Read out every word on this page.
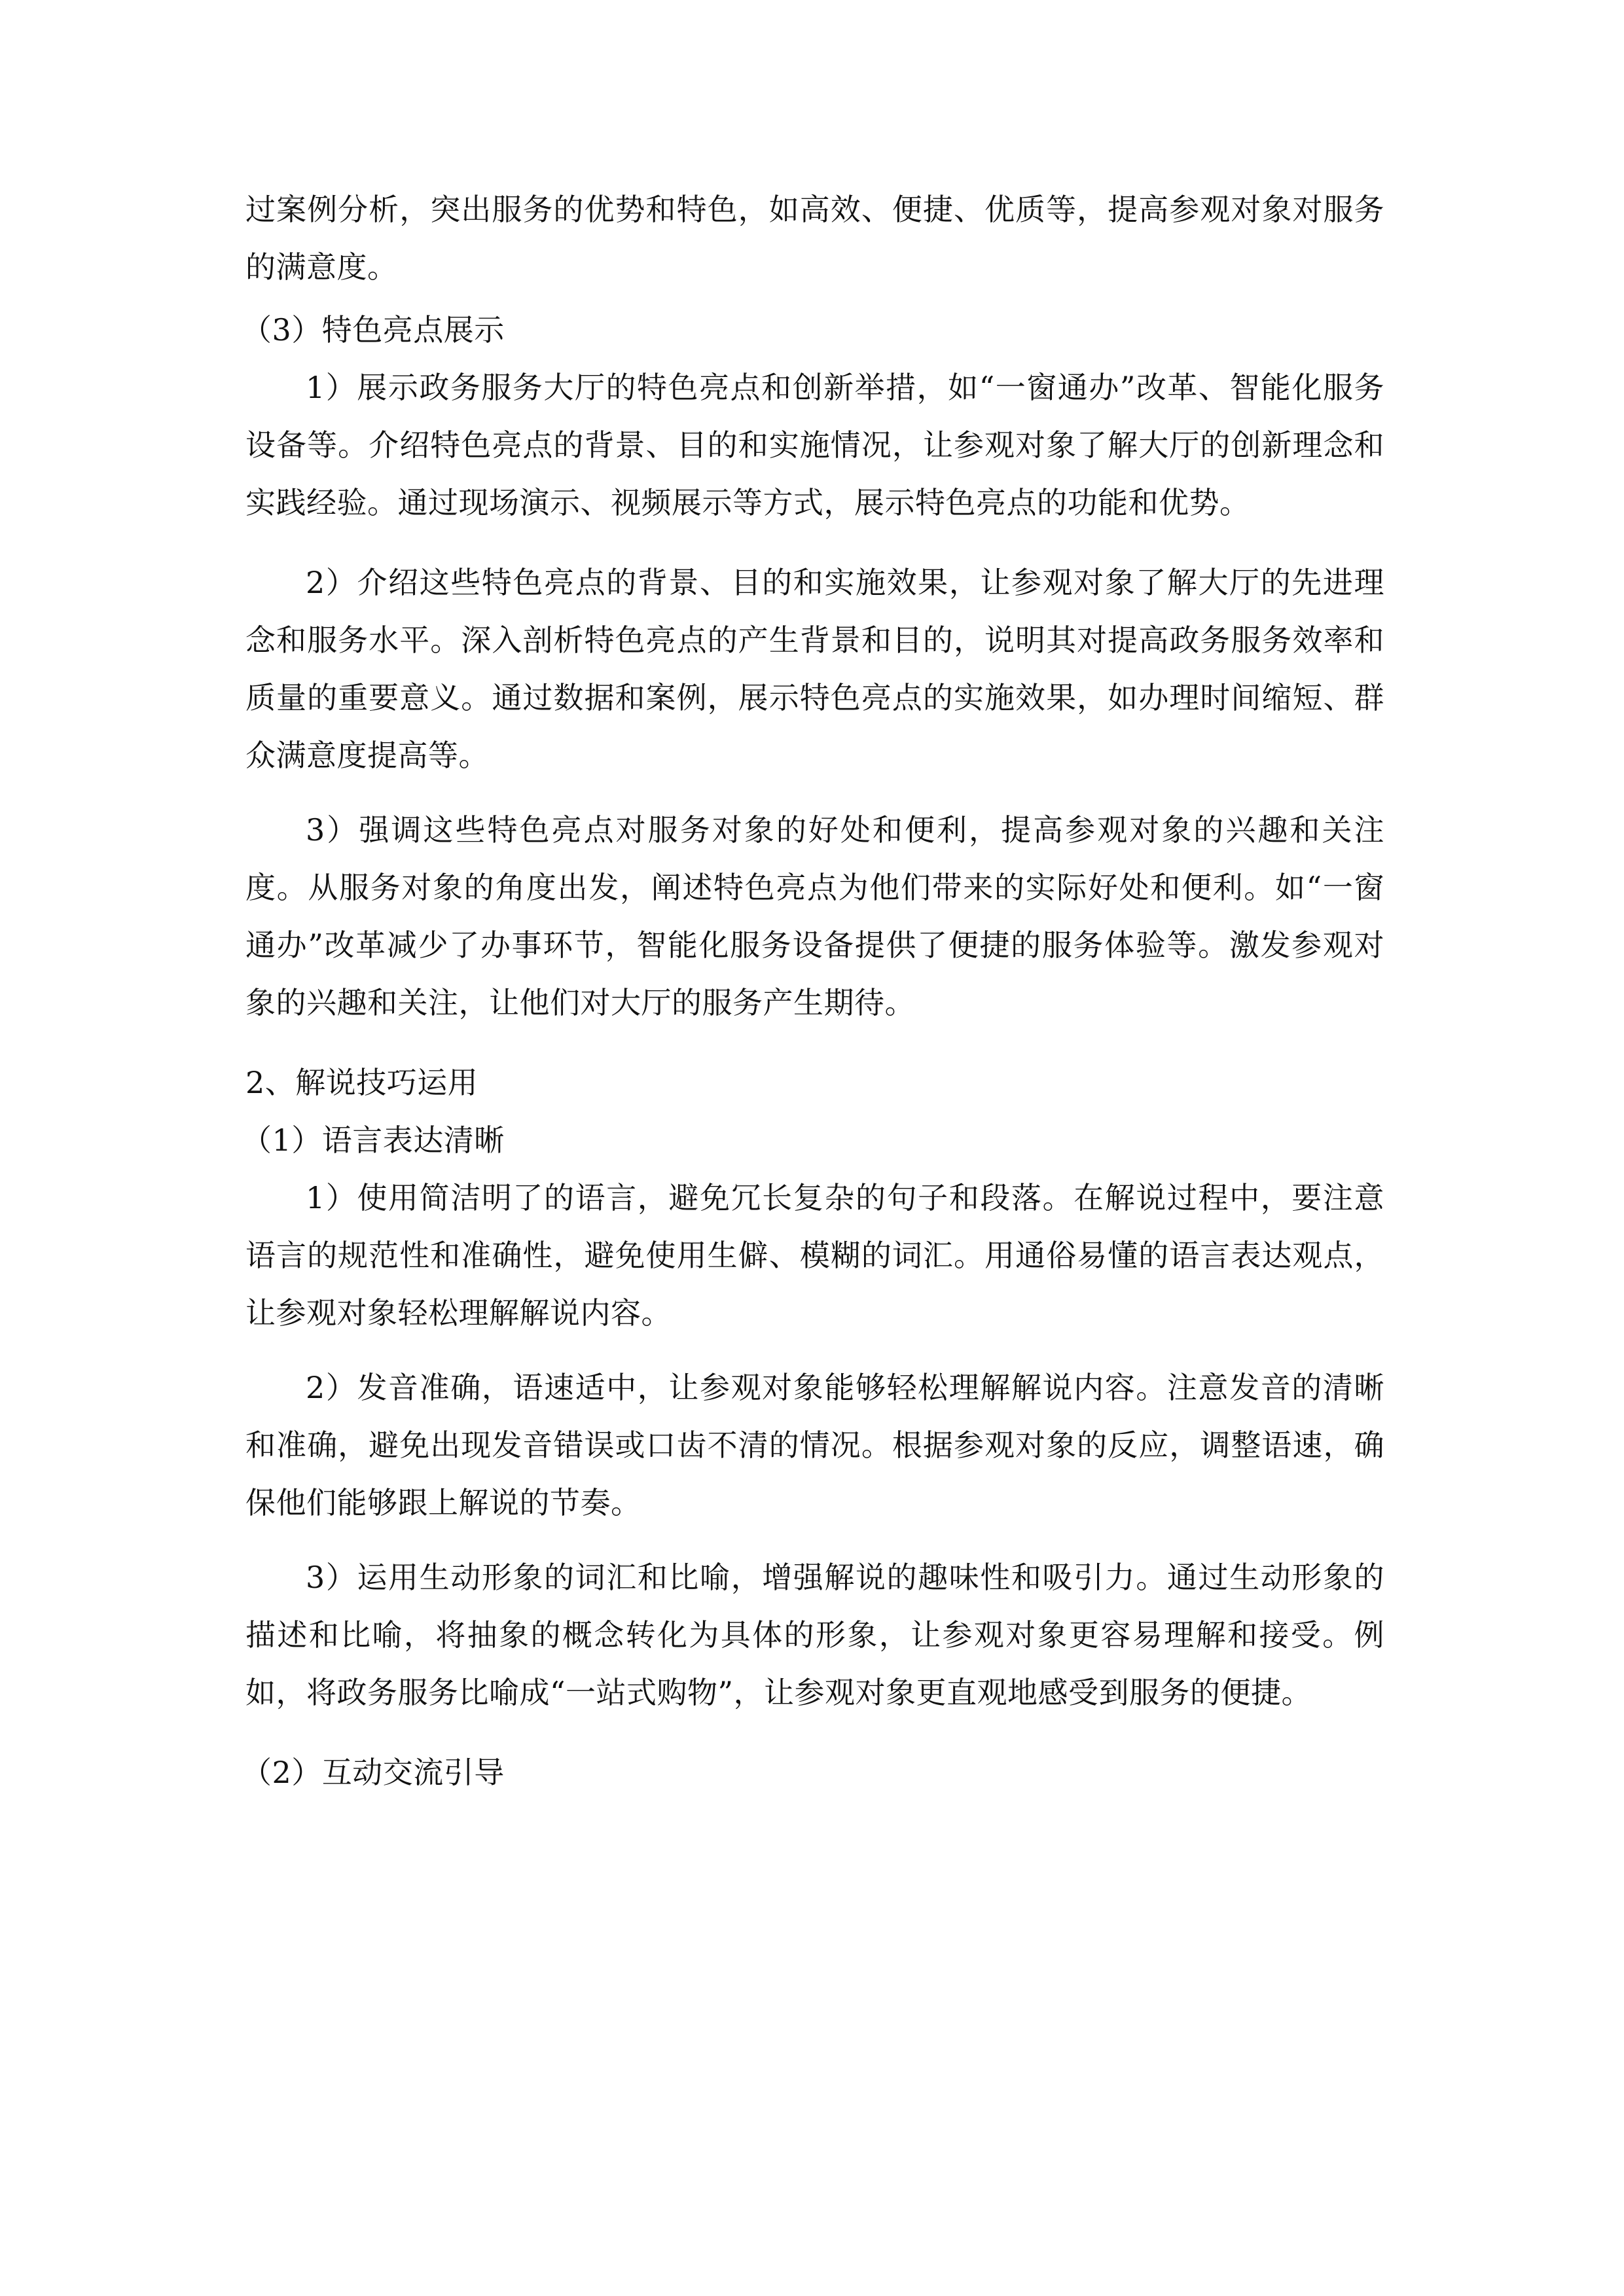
过案例分析，突出服务的优势和特色，如高效、便捷、优质等，提高参观对象对服务的满意度。

（3）特色亮点展示

1）展示政务服务大厅的特色亮点和创新举措，如“一窗通办”改革、智能化服务设备等。介绍特色亮点的背景、目的和实施情况，让参观对象了解大厅的创新理念和实践经验。通过现场演示、视频展示等方式，展示特色亮点的功能和优势。

2）介绍这些特色亮点的背景、目的和实施效果，让参观对象了解大厅的先进理念和服务水平。深入剖析特色亮点的产生背景和目的，说明其对提高政务服务效率和质量的重要意义。通过数据和案例，展示特色亮点的实施效果，如办理时间缩短、群众满意度提高等。

3）强调这些特色亮点对服务对象的好处和便利，提高参观对象的兴趣和关注度。从服务对象的角度出发，阐述特色亮点为他们带来的实际好处和便利。如“一窗通办”改革减少了办事环节，智能化服务设备提供了便捷的服务体验等。激发参观对象的兴趣和关注，让他们对大厅的服务产生期待。

2、解说技巧运用

（1）语言表达清晰

1）使用简洁明了的语言，避免冗长复杂的句子和段落。在解说过程中，要注意语言的规范性和准确性，避免使用生僻、模糊的词汇。用通俗易懂的语言表达观点，让参观对象轻松理解解说内容。

2）发音准确，语速适中，让参观对象能够轻松理解解说内容。注意发音的清晰和准确，避免出现发音错误或口齿不清的情况。根据参观对象的反应，调整语速，确保他们能够跟上解说的节奏。

3）运用生动形象的词汇和比喻，增强解说的趣味性和吸引力。通过生动形象的描述和比喻，将抽象的概念转化为具体的形象，让参观对象更容易理解和接受。例如，将政务服务比喻成“一站式购物”，让参观对象更直观地感受到服务的便捷。

（2）互动交流引导
